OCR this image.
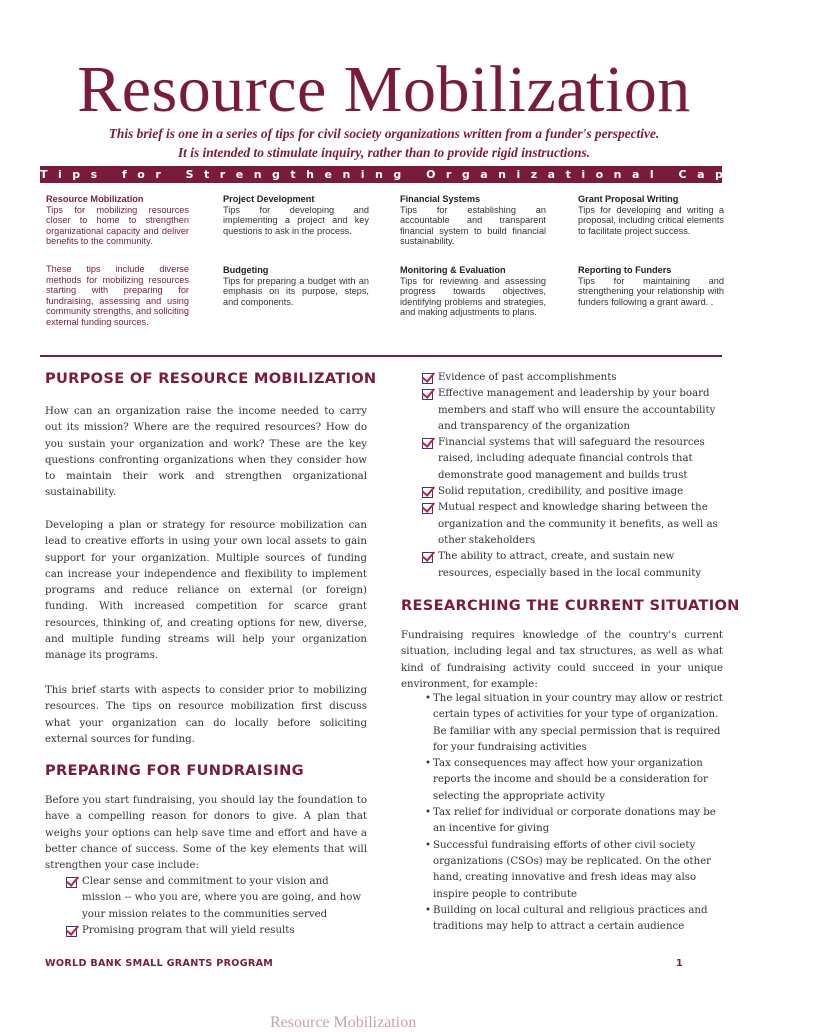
Resource Mobilization
This brief is one in a series of tips for civil society organizations written from a funder's perspective.
It is intended to stimulate inquiry, rather than to provide rigid instructions.
Tips for Strengthening Organizational Capacity
Resource Mobilization
Tips for mobilizing resources closer to home to strengthen organizational capacity and deliver benefits to the community.
These tips include diverse methods for mobilizing resources starting with preparing for fundraising, assessing and using community strengths, and soliciting external funding sources.
Project Development
Tips for developing and implementing a project and key questions to ask in the process.
Budgeting
Tips for preparing a budget with an emphasis on its purpose, steps, and components.
Financial Systems
Tips for establishing an accountable and transparent financial system to build financial sustainability.
Monitoring & Evaluation
Tips for reviewing and assessing progress towards objectives, identifying problems and strategies, and making adjustments to plans.
Grant Proposal Writing
Tips for developing and writing a proposal, including critical elements to facilitate project success.
Reporting to Funders
Tips for maintaining and strengthening your relationship with funders following a grant award. .
PURPOSE OF RESOURCE MOBILIZATION
How can an organization raise the income needed to carry out its mission? Where are the required resources? How do you sustain your organization and work? These are the key questions confronting organizations when they consider how to maintain their work and strengthen organizational sustainability.
Developing a plan or strategy for resource mobilization can lead to creative efforts in using your own local assets to gain support for your organization. Multiple sources of funding can increase your independence and flexibility to implement programs and reduce reliance on external (or foreign) funding. With increased competition for scarce grant resources, thinking of, and creating options for new, diverse, and multiple funding streams will help your organization manage its programs.
This brief starts with aspects to consider prior to mobilizing resources. The tips on resource mobilization first discuss what your organization can do locally before soliciting external sources for funding.
PREPARING FOR FUNDRAISING
Before you start fundraising, you should lay the foundation to have a compelling reason for donors to give. A plan that weighs your options can help save time and effort and have a better chance of success. Some of the key elements that will strengthen your case include:
Clear sense and commitment to your vision and mission -- who you are, where you are going, and how your mission relates to the communities served
Promising program that will yield results
Evidence of past accomplishments
Effective management and leadership by your board members and staff who will ensure the accountability and transparency of the organization
Financial systems that will safeguard the resources raised, including adequate financial controls that demonstrate good management and builds trust
Solid reputation, credibility, and positive image
Mutual respect and knowledge sharing between the organization and the community it benefits, as well as other stakeholders
The ability to attract, create, and sustain new resources, especially based in the local community
RESEARCHING THE CURRENT SITUATION
Fundraising requires knowledge of the country's current situation, including legal and tax structures, as well as what kind of fundraising activity could succeed in your unique environment, for example:
• The legal situation in your country may allow or restrict certain types of activities for your type of organization. Be familiar with any special permission that is required for your fundraising activities
• Tax consequences may affect how your organization reports the income and should be a consideration for selecting the appropriate activity
• Tax relief for individual or corporate donations may be an incentive for giving
• Successful fundraising efforts of other civil society organizations (CSOs) may be replicated. On the other hand, creating innovative and fresh ideas may also inspire people to contribute
• Building on local cultural and religious practices and traditions may help to attract a certain audience
WORLD BANK SMALL GRANTS PROGRAM	1
Resource Mobilization
